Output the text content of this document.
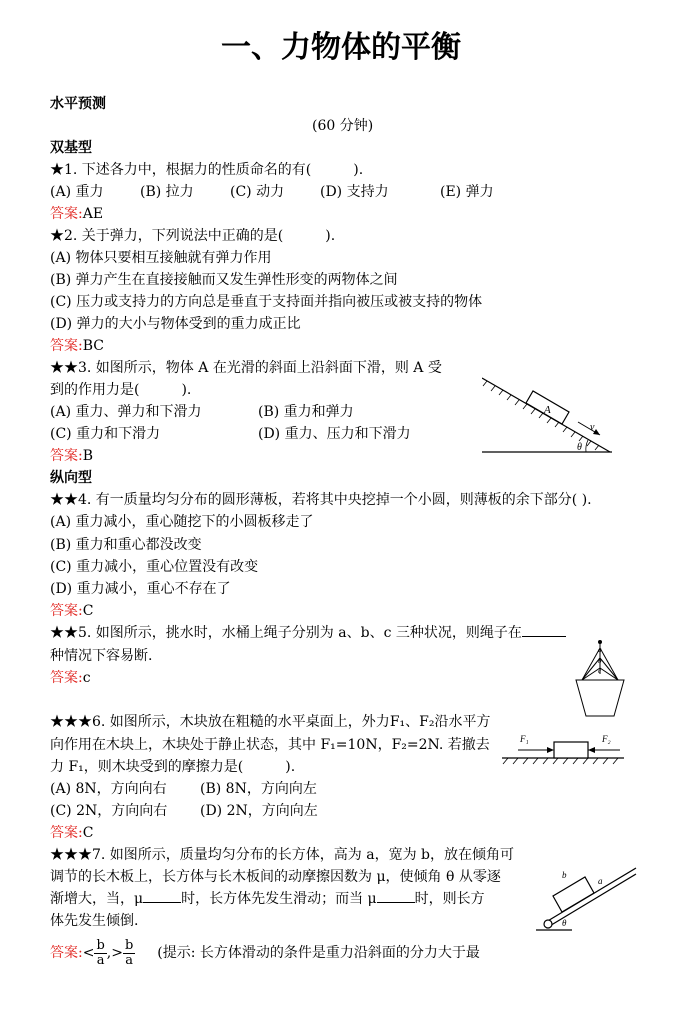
一、力物体的平衡
水平预测
(60 分钟)
双基型
★1. 下述各力中，根据力的性质命名的有(　　　).
(A) 重力	(B) 拉力	(C) 动力	(D) 支持力	(E) 弹力
答案:AE
★2. 关于弹力，下列说法中正确的是(　　　).
(A) 物体只要相互接触就有弹力作用
(B) 弹力产生在直接接触而又发生弹性形变的两物体之间
(C) 压力或支持力的方向总是垂直于支持面并指向被压或被支持的物体
(D) 弹力的大小与物体受到的重力成正比
答案:BC
★★3. 如图所示，物体 A 在光滑的斜面上沿斜面下滑，则 A 受
到的作用力是(　　　).
(A) 重力、弹力和下滑力	(B) 重力和弹力
(C) 重力和下滑力	(D) 重力、压力和下滑力
答案:B
A
v
θ
纵向型
★★4. 有一质量均匀分布的圆形薄板，若将其中央挖掉一个小圆，则薄板的余下部分( ).
(A) 重力减小，重心随挖下的小圆板移走了
(B) 重力和重心都没改变
(C) 重力减小，重心位置没有改变
(D) 重力减小，重心不存在了
答案:C
★★5. 如图所示，挑水时，水桶上绳子分别为 a、b、c 三种状况，则绳子在
种情况下容易断.
答案:c
a
b
c
★★★6. 如图所示，木块放在粗糙的水平桌面上，外力F₁、F₂沿水平方
向作用在木块上，木块处于静止状态，其中 F₁=10N，F₂=2N. 若撤去
力 F₁，则木块受到的摩擦力是(　　　).
(A) 8N，方向向右 (B) 8N，方向向左
(C) 2N，方向向右 (D) 2N，方向向左
答案:C
F₁	F₂
★★★7. 如图所示，质量均匀分布的长方体，高为 a，宽为 b，放在倾角可
调节的长木板上，长方体与长木板间的动摩擦因数为 μ，使倾角 θ 从零逐
渐增大，当，μ	时，长方体先发生滑动；而当 μ	时，则长方
体先发生倾倒.
答案:< $\frac{b}{a}$ ,> $\frac{b}{a}$ (提示: 长方体滑动的条件是重力沿斜面的分力大于最
b
a
θ
